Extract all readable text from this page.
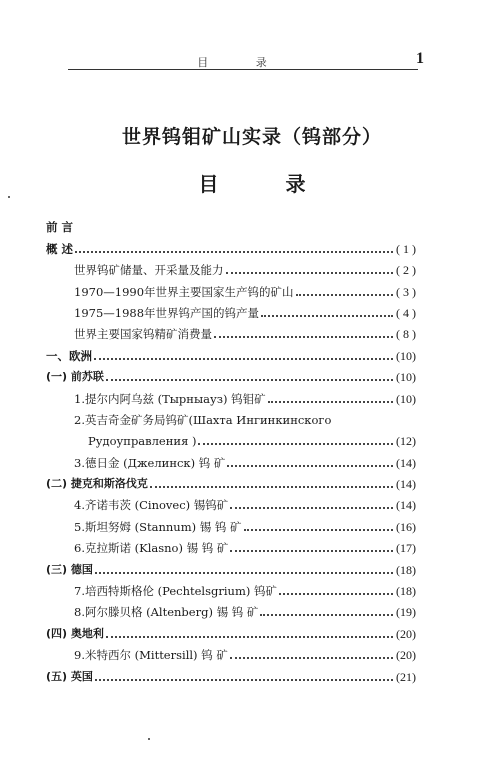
目 录	1
世界钨钼矿山实录（钨部分）
目 录
前 言
概 述	( 1 )
世界钨矿储量、开采量及能力	( 2 )
1970—1990年世界主要国家生产钨的矿山	( 3 )
1975—1988年世界钨产国的钨产量	( 4 )
世界主要国家钨精矿消费量	( 8 )
一、欧洲	(10)
(一) 前苏联	(10)
1.提尔内阿乌兹 (Тырныауз) 钨钼矿	(10)
2.英吉奇金矿务局钨矿(Шахта Ингинкинского
Рудоуправления )	(12)
3.德日金 (Джелинск) 钨 矿	(14)
(二) 捷克和斯洛伐克	(14)
4.齐诺韦茨 (Cinovec) 锡钨矿	(14)
5.斯坦努姆 (Stannum) 锡 钨 矿	(16)
6.克拉斯诺 (Klasno) 锡 钨 矿	(17)
(三) 德国	(18)
7.培西特斯格伦 (Pechtelsgrium) 钨矿	(18)
8.阿尔滕贝格 (Altenberg) 锡 钨 矿	(19)
(四) 奥地利	(20)
9.米特西尔 (Mittersill) 钨 矿	(20)
(五) 英国	(21)
